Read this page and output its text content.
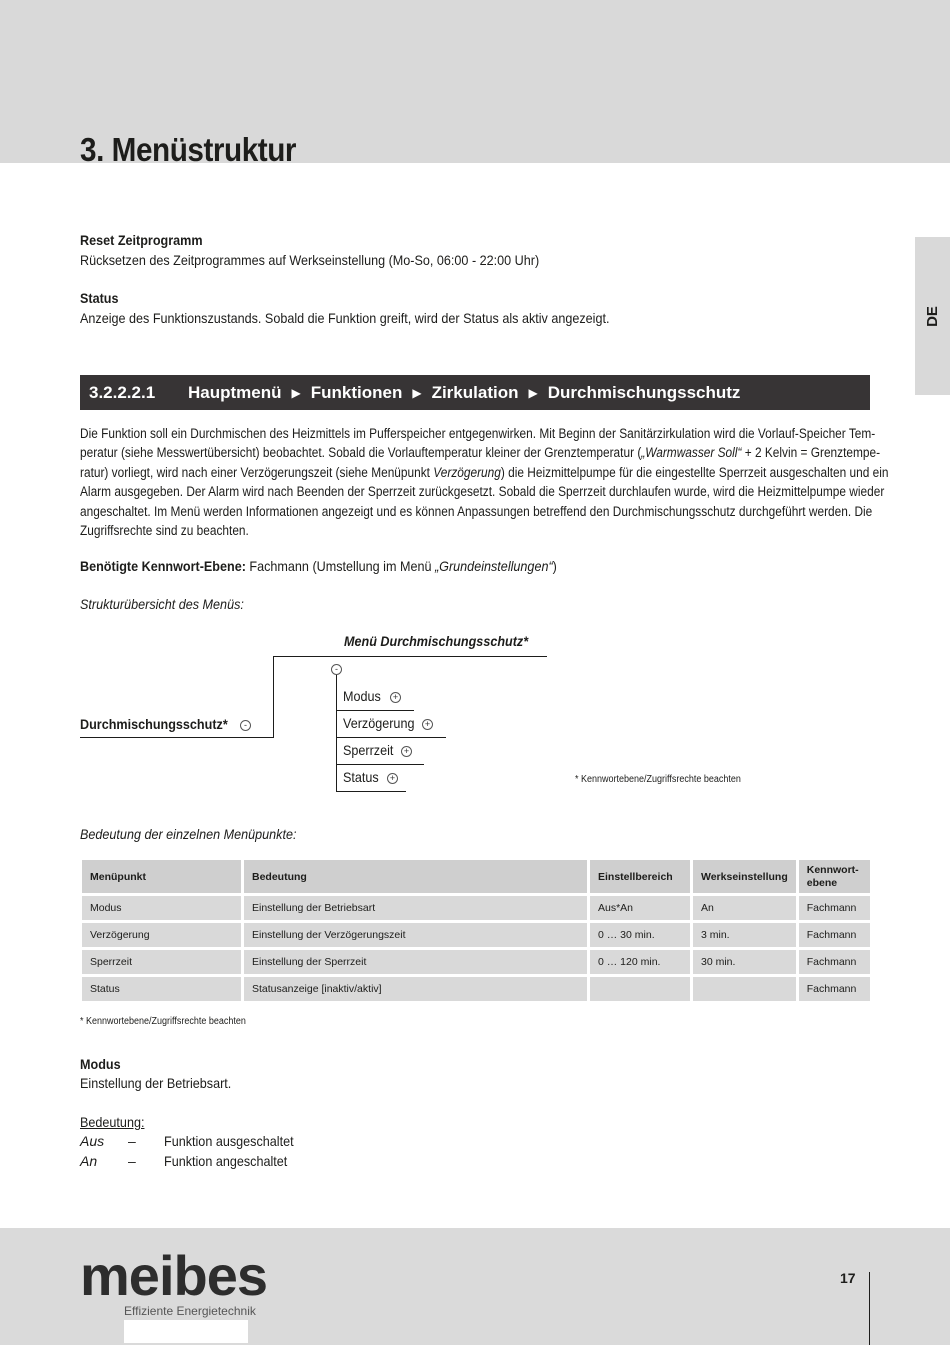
3. Menüstruktur
DE
Reset Zeitprogramm
Rücksetzen des Zeitprogrammes auf Werkseinstellung (Mo-So, 06:00 - 22:00 Uhr)
Status
Anzeige des Funktionszustands. Sobald die Funktion greift, wird der Status als aktiv angezeigt.
3.2.2.2.1 Hauptmenü ▶ Funktionen ▶ Zirkulation ▶ Durchmischungsschutz
Die Funktion soll ein Durchmischen des Heizmittels im Pufferspeicher entgegenwirken. Mit Beginn der Sanitärzirkulation wird die Vorlauf-Speicher Tem-
peratur (siehe Messwertübersicht) beobachtet. Sobald die Vorlauftemperatur kleiner der Grenztemperatur („Warmwasser Soll“ + 2 Kelvin = Grenztempe-
ratur) vorliegt, wird nach einer Verzögerungszeit (siehe Menüpunkt Verzögerung) die Heizmittelpumpe für die eingestellte Sperrzeit ausgeschalten und ein
Alarm ausgegeben. Der Alarm wird nach Beenden der Sperrzeit zurückgesetzt. Sobald die Sperrzeit durchlaufen wurde, wird die Heizmittelpumpe wieder
angeschaltet. Im Menü werden Informationen angezeigt und es können Anpassungen betreffend den Durchmischungsschutz durchgeführt werden. Die
Zugriffsrechte sind zu beachten.
Benötigte Kennwort-Ebene: Fachmann (Umstellung im Menü „Grundeinstellungen“)
Strukturübersicht des Menüs:
Menü Durchmischungsschutz*
Durchmischungsschutz*	-
-
Modus	+
Verzögerung	+
Sperrzeit	+
Status	+	* Kennwortebene/Zugriffsrechte beachten
Bedeutung der einzelnen Menüpunkte:
Menüpunkt	Bedeutung	Einstellbereich	Werkseinstellung	Kennwort-
ebene
Modus	Einstellung der Betriebsart	Aus*An	An	Fachmann
Verzögerung	Einstellung der Verzögerungszeit	0 … 30 min.	3 min.	Fachmann
Sperrzeit	Einstellung der Sperrzeit	0 … 120 min.	30 min.	Fachmann
Status	Statusanzeige [inaktiv/aktiv]			Fachmann
* Kennwortebene/Zugriffsrechte beachten
Modus
Einstellung der Betriebsart.
Bedeutung:
Aus – Funktion ausgeschaltet
An – Funktion angeschaltet
meibes
Effiziente Energietechnik
17
